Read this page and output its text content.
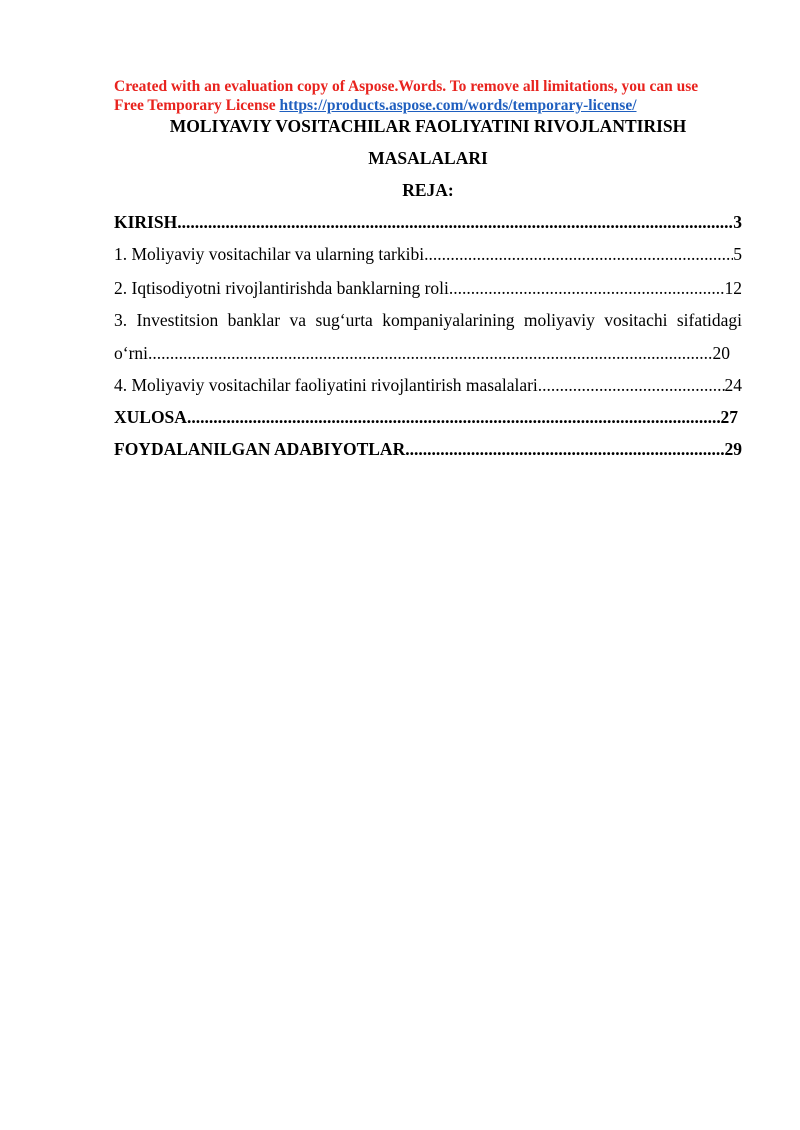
Created with an evaluation copy of Aspose.Words. To remove all limitations, you can use
Free Temporary License https://products.aspose.com/words/temporary-license/
MOLIYAVIY VOSITACHILAR FAOLIYATINI RIVOJLANTIRISH
MASALALARI
REJA:
KIRISH .....	3
1. Moliyaviy vositachilar va ularning tarkibi .....	5
2. Iqtisodiyotni rivojlantirishda banklarning roli .....	12
3. Investitsion banklar va sug‘urta kompaniyalarining moliyaviy vositachi sifatidagi
o‘rni .....	20
4. Moliyaviy vositachilar faoliyatini rivojlantirish masalalari .....	24
XULOSA .....	27
FOYDALANILGAN ADABIYOTLAR .....	29
